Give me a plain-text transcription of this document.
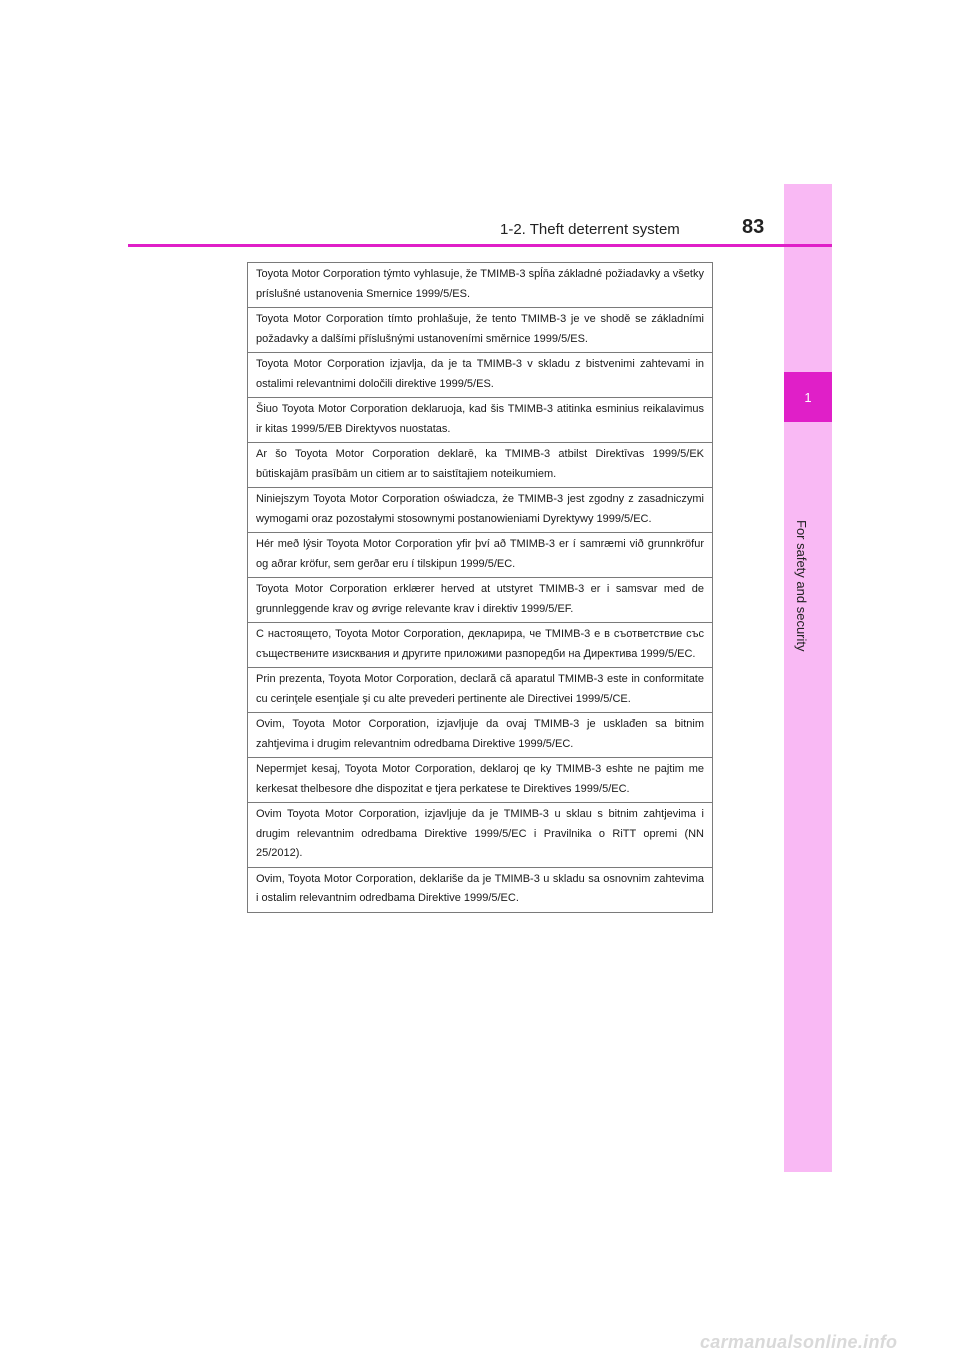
1
For safety and security
1-2. Theft deterrent system	83
Toyota Motor Corporation týmto vyhlasuje, že TMIMB-3 spĺňa základné požiadavky a všetky príslušné ustanovenia Smernice 1999/5/ES.
Toyota Motor Corporation tímto prohlašuje, že tento TMIMB-3 je ve shodě se základními požadavky a dalšími příslušnými ustanoveními směrnice 1999/5/ES.
Toyota Motor Corporation izjavlja, da je ta TMIMB-3 v skladu z bistvenimi zahtevami in ostalimi relevantnimi določili direktive 1999/5/ES.
Šiuo Toyota Motor Corporation deklaruoja, kad šis TMIMB-3 atitinka esminius reikalavimus ir kitas 1999/5/EB Direktyvos nuostatas.
Ar šo Toyota Motor Corporation deklarē, ka TMIMB-3 atbilst Direktīvas 1999/5/EK būtiskajām prasībām un citiem ar to saistītajiem noteikumiem.
Niniejszym Toyota Motor Corporation oświadcza, że TMIMB-3 jest zgodny z zasadniczymi wymogami oraz pozostałymi stosownymi postanowieniami Dyrektywy 1999/5/EC.
Hér með lýsir Toyota Motor Corporation yfir því að TMIMB-3 er í samræmi við grunnkröfur og aðrar kröfur, sem gerðar eru í tilskipun 1999/5/EC.
Toyota Motor Corporation erklærer herved at utstyret TMIMB-3 er i samsvar med de grunnleggende krav og øvrige relevante krav i direktiv 1999/5/EF.
С настоящето, Toyota Motor Corporation, декларира, че TMIMB-3 е в съответствие със съществените изисквания и другите приложими разпоредби на Директива 1999/5/EC.
Prin prezenta, Toyota Motor Corporation, declară că aparatul TMIMB-3 este in conformitate cu cerinţele esenţiale şi cu alte prevederi pertinente ale Directivei 1999/5/CE.
Ovim, Toyota Motor Corporation, izjavljuje da ovaj TMIMB-3 je usklađen sa bitnim zahtjevima i drugim relevantnim odredbama Direktive 1999/5/EC.
Nepermjet kesaj, Toyota Motor Corporation, deklaroj qe ky TMIMB-3 eshte ne pajtim me kerkesat thelbesore dhe dispozitat e tjera perkatese te Direktives 1999/5/EC.
Ovim Toyota Motor Corporation, izjavljuje da je TMIMB-3 u sklau s bitnim zahtjevima i drugim relevantnim odredbama Direktive 1999/5/EC i Pravilnika o RiTT opremi (NN 25/2012).
Ovim, Toyota Motor Corporation, deklariše da je TMIMB-3 u skladu sa osnovnim zahtevima i ostalim relevantnim odredbama Direktive 1999/5/EC.
carmanualsonline.info
